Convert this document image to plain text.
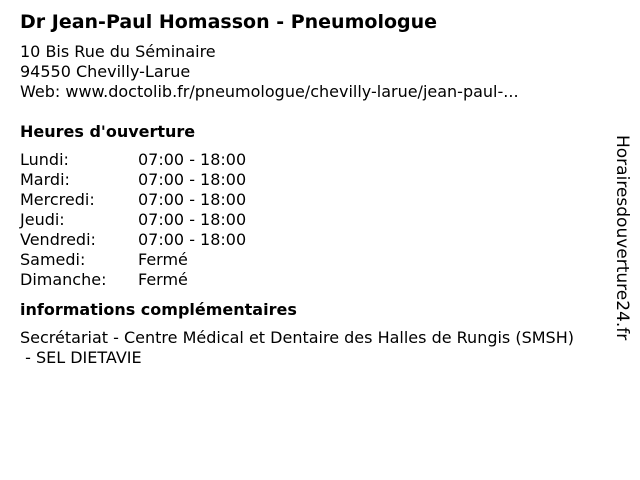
Dr Jean-Paul Homasson - Pneumologue
10 Bis Rue du Séminaire
94550 Chevilly-Larue
Web: www.doctolib.fr/pneumologue/chevilly-larue/jean-paul-...
Heures d'ouverture
Lundi:	07:00 - 18:00
Mardi:	07:00 - 18:00
Mercredi:	07:00 - 18:00
Jeudi:	07:00 - 18:00
Vendredi:	07:00 - 18:00
Samedi:	Fermé
Dimanche:	Fermé
informations complémentaires
Secrétariat - Centre Médical et Dentaire des Halles de Rungis (SMSH)
- SEL DIETAVIE
Horairesdouverture24.fr
